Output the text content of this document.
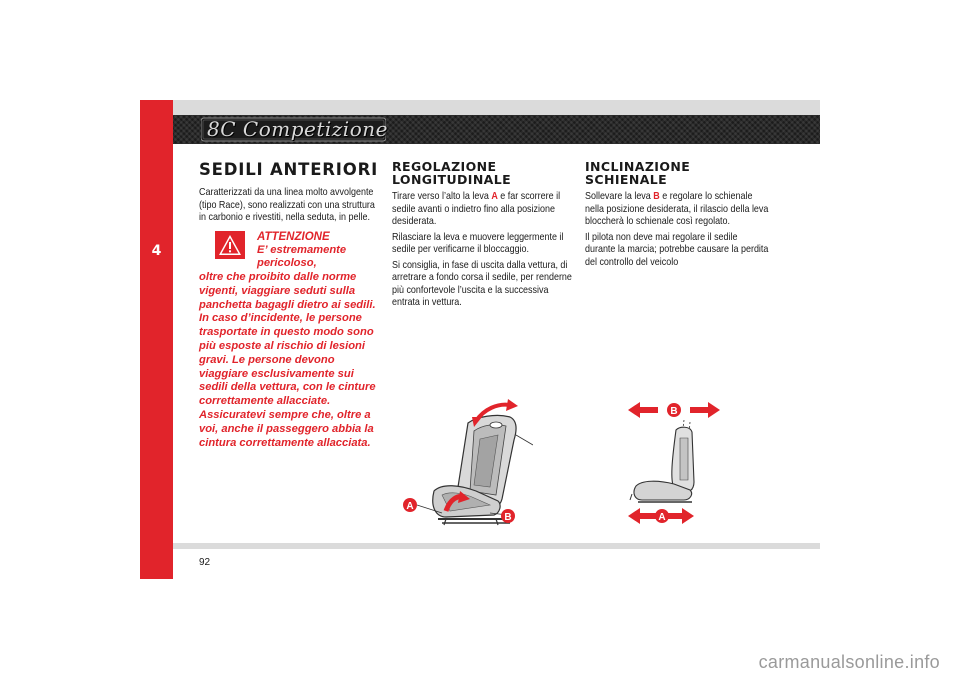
4
8C Competizione
SEDILI ANTERIORI
Caratterizzati da una linea molto avvolgente (tipo Race), sono realizzati con una struttura in carbonio e rivestiti, nella seduta, in pelle.
ATTENZIONE
E’ estremamente pericoloso,
oltre che proibito dalle norme vigenti, viaggiare seduti sulla panchetta bagagli dietro ai sedili. In caso d’incidente, le persone trasportate in questo modo sono più esposte al rischio di lesioni gravi. Le persone devono viaggiare esclusivamente sui sedili della vettura, con le cinture correttamente allacciate. Assicuratevi sempre che, oltre a voi, anche il passeggero abbia la cintura correttamente allacciata.
REGOLAZIONE LONGITUDINALE
Tirare verso l’alto la leva A e far scorrere il sedile avanti o indietro fino alla posizione desiderata.
Rilasciare la leva e muovere leggermente il sedile per verificarne il bloccaggio.
Si consiglia, in fase di uscita dalla vettura, di arretrare a fondo corsa il sedile, per renderne più confortevole l’uscita e la successiva entrata in vettura.
INCLINAZIONE SCHIENALE
Sollevare la leva B e regolare lo schienale nella posizione desiderata, il rilascio della leva bloccherà lo schienale così regolato.
Il pilota non deve mai regolare il sedile durante la marcia; potrebbe causare la perdita del controllo del veicolo
A
B
B
A
92
carmanualsonline.info
